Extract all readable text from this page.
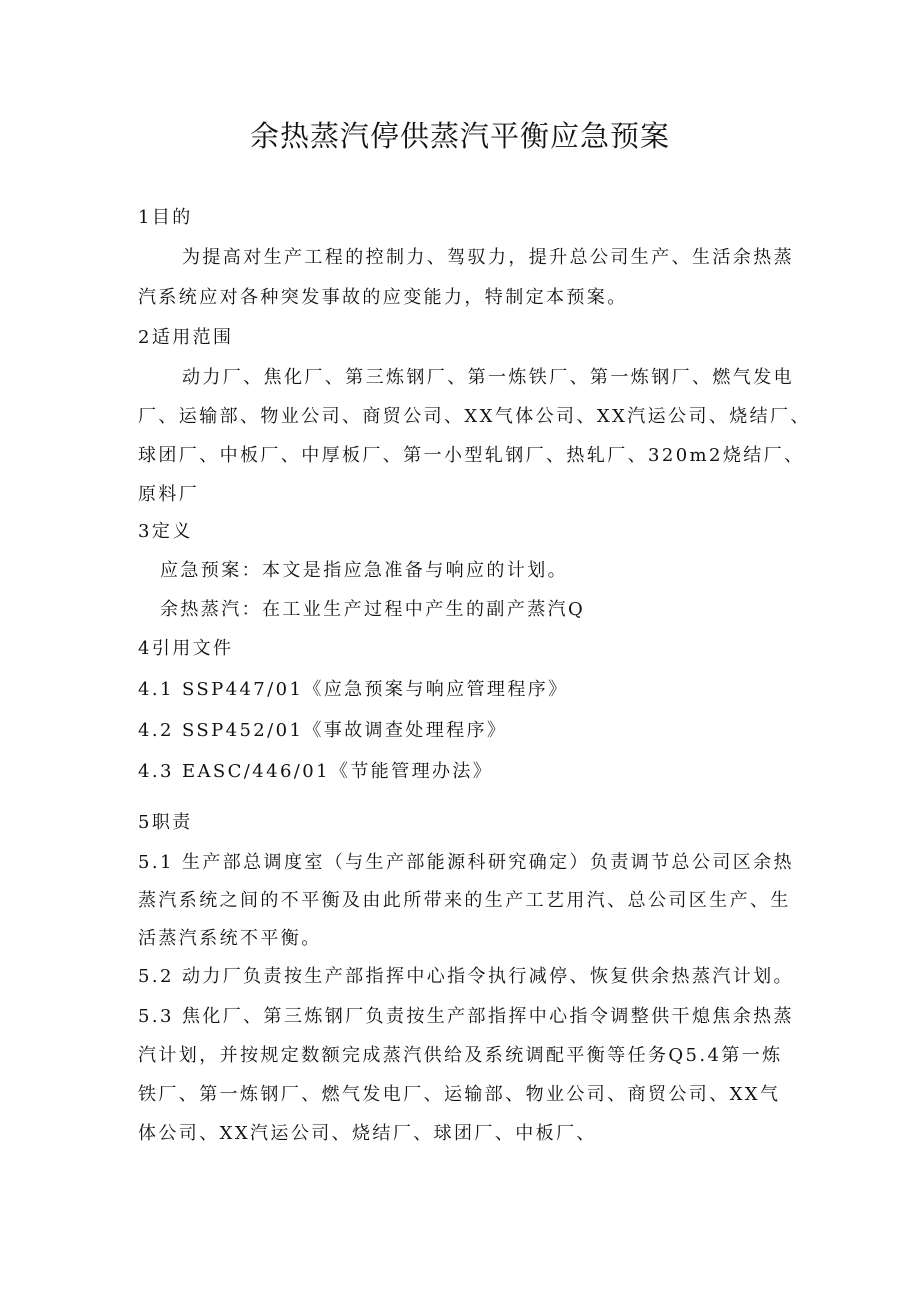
余热蒸汽停供蒸汽平衡应急预案
1目的
为提高对生产工程的控制力、驾驭力，提升总公司生产、生活余热蒸
汽系统应对各种突发事故的应变能力，特制定本预案。
2适用范围
动力厂、焦化厂、第三炼钢厂、第一炼铁厂、第一炼钢厂、燃气发电
厂、运输部、物业公司、商贸公司、XX气体公司、XX汽运公司、烧结厂、
球团厂、中板厂、中厚板厂、第一小型轧钢厂、热轧厂、320m2烧结厂、
原料厂
3定义
应急预案：本文是指应急准备与响应的计划。
余热蒸汽：在工业生产过程中产生的副产蒸汽Q
4引用文件
4.1 SSP447/01《应急预案与响应管理程序》
4.2 SSP452/01《事故调查处理程序》
4.3 EASC/446/01《节能管理办法》
5职责
5.1 生产部总调度室（与生产部能源科研究确定）负责调节总公司区余热
蒸汽系统之间的不平衡及由此所带来的生产工艺用汽、总公司区生产、生
活蒸汽系统不平衡。
5.2 动力厂负责按生产部指挥中心指令执行减停、恢复供余热蒸汽计划。
5.3 焦化厂、第三炼钢厂负责按生产部指挥中心指令调整供干熄焦余热蒸
汽计划，并按规定数额完成蒸汽供给及系统调配平衡等任务Q5.4第一炼
铁厂、第一炼钢厂、燃气发电厂、运输部、物业公司、商贸公司、XX气
体公司、XX汽运公司、烧结厂、球团厂、中板厂、
